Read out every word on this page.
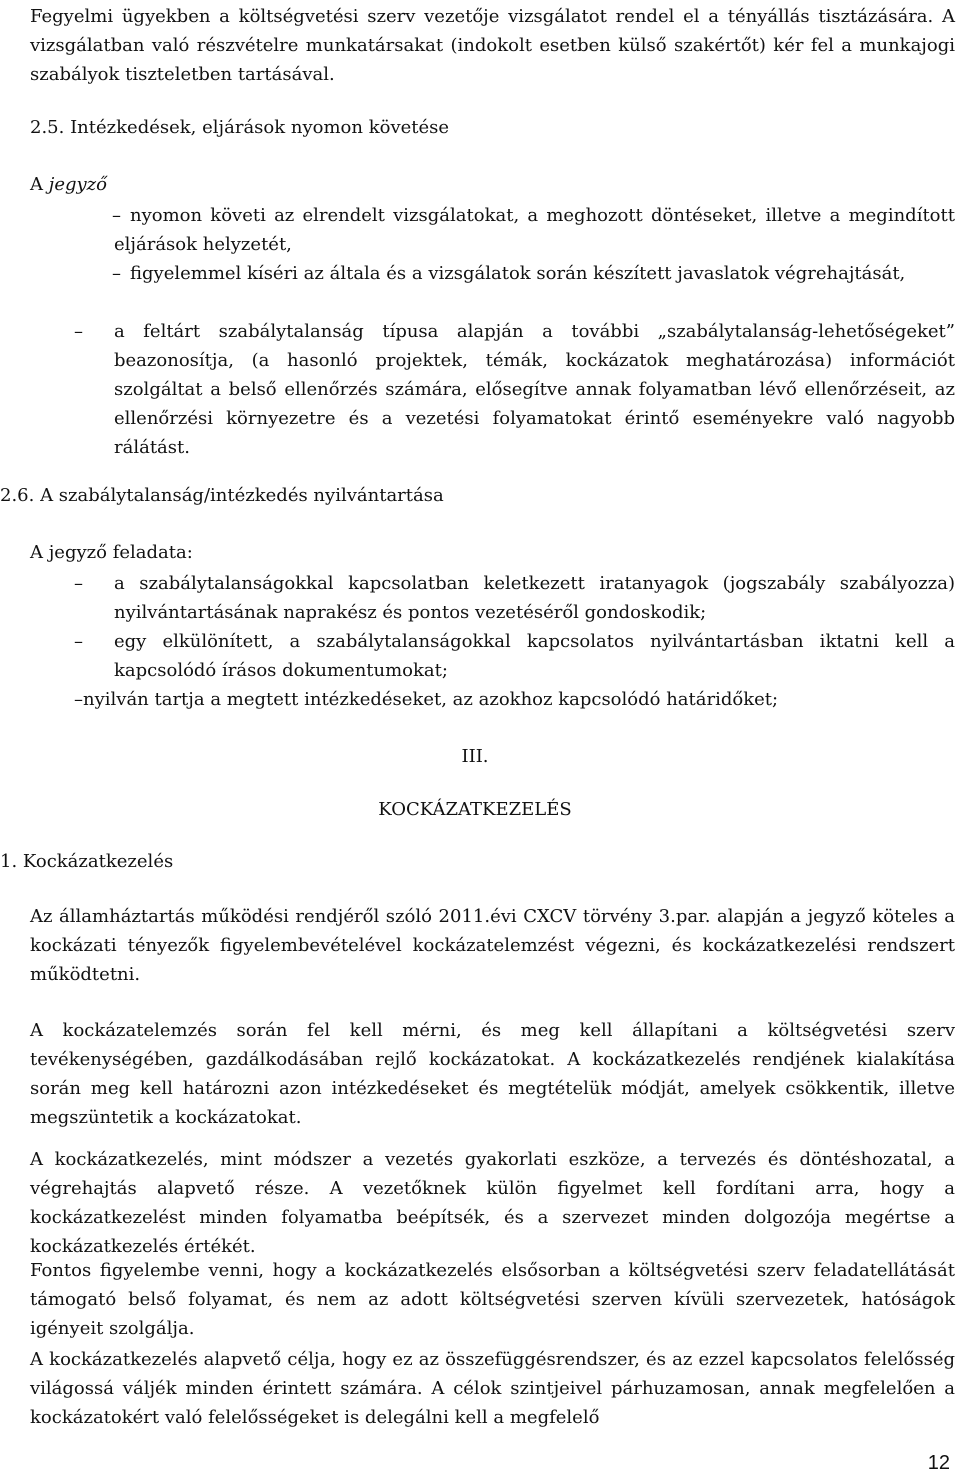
Fegyelmi ügyekben a költségvetési szerv vezetője vizsgálatot rendel el a tényállás tisztázására. A vizsgálatban való részvételre munkatársakat (indokolt esetben külső szakértőt) kér fel a munkajogi szabályok tiszteletben tartásával.

2.5. Intézkedések, eljárások nyomon követése

A jegyző

– nyomon követi az elrendelt vizsgálatokat, a meghozott döntéseket, illetve a megindított eljárások helyzetét,

– figyelemmel kíséri az általa és a vizsgálatok során készített javaslatok végrehajtását,

– a feltárt szabálytalanság típusa alapján a további „szabálytalanság-lehetőségeket” beazonosítja, (a hasonló projektek, témák, kockázatok meghatározása) információt szolgáltat a belső ellenőrzés számára, elősegítve annak folyamatban lévő ellenőrzéseit, az ellenőrzési környezetre és a vezetési folyamatokat érintő eseményekre való nagyobb rálátást.

2.6. A szabálytalanság/intézkedés nyilvántartása

A jegyző feladata:

– a szabálytalanságokkal kapcsolatban keletkezett iratanyagok (jogszabály szabályozza) nyilvántartásának naprakész és pontos vezetéséről gondoskodik;

– egy elkülönített, a szabálytalanságokkal kapcsolatos nyilvántartásban iktatni kell a kapcsolódó írásos dokumentumokat;

–nyilván tartja a megtett intézkedéseket, az azokhoz kapcsolódó határidőket;

III.

KOCKÁZATKEZELÉS

1. Kockázatkezelés

Az államháztartás működési rendjéről szóló 2011.évi CXCV törvény 3.par. alapján a jegyző köteles a kockázati tényezők figyelembevételével kockázatelemzést végezni, és kockázatkezelési rendszert működtetni.

A kockázatelemzés során fel kell mérni, és meg kell állapítani a költségvetési szerv tevékenységében, gazdálkodásában rejlő kockázatokat. A kockázatkezelés rendjének kialakítása során meg kell határozni azon intézkedéseket és megtételük módját, amelyek csökkentik, illetve megszüntetik a kockázatokat.

A kockázatkezelés, mint módszer a vezetés gyakorlati eszköze, a tervezés és döntéshozatal, a végrehajtás alapvető része. A vezetőknek külön figyelmet kell fordítani arra, hogy a kockázatkezelést minden folyamatba beépítsék, és a szervezet minden dolgozója megértse a kockázatkezelés értékét.

Fontos figyelembe venni, hogy a kockázatkezelés elsősorban a költségvetési szerv feladatellátását támogató belső folyamat, és nem az adott költségvetési szerven kívüli szervezetek, hatóságok igényeit szolgálja.

A kockázatkezelés alapvető célja, hogy ez az összefüggésrendszer, és az ezzel kapcsolatos felelősség világossá váljék minden érintett számára. A célok szintjeivel párhuzamosan, annak megfelelően a kockázatokért való felelősségeket is delegálni kell a megfelelő

12
